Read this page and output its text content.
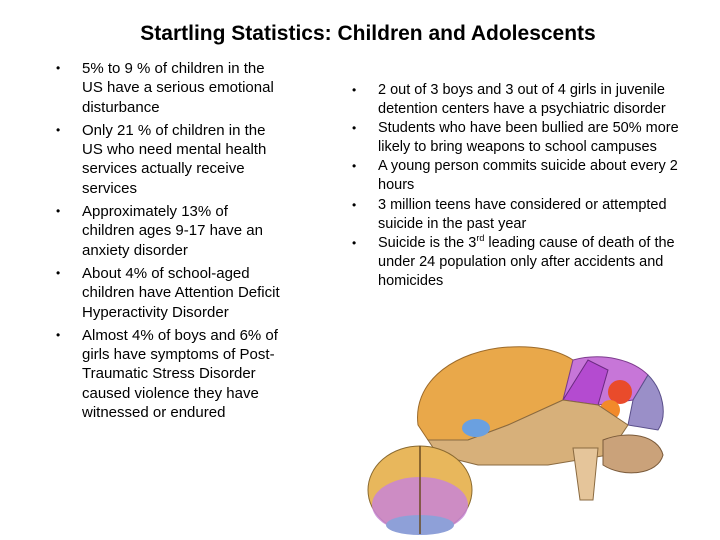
Startling Statistics: Children and Adolescents
• 5% to 9 % of children in the US have a serious emotional disturbance
• Only 21 % of children in the US who need mental health services actually receive services
• Approximately 13% of children ages 9-17 have an anxiety disorder
• About 4% of school-aged children have Attention Deficit Hyperactivity Disorder
• Almost 4% of boys and 6% of girls have symptoms of Post-Traumatic Stress Disorder caused violence they have witnessed or endured
• 2 out of 3 boys and 3 out of 4 girls in juvenile detention centers have a psychiatric disorder
• Students who have been bullied are 50% more likely to bring weapons to school campuses
• A young person commits suicide about every 2 hours
• 3 million teens have considered or attempted suicide in the past year
• Suicide is the 3rd leading cause of death of the under 24 population only after accidents and homicides
